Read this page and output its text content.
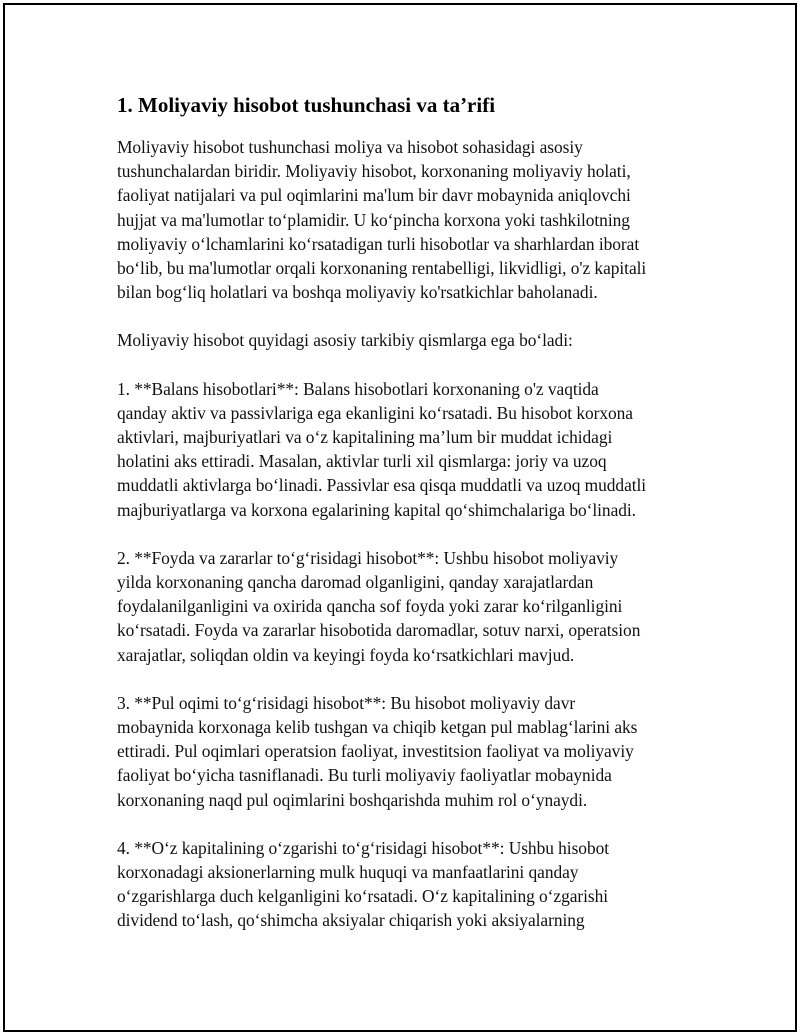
1. Moliyaviy hisobot tushunchasi va ta’rifi

Moliyaviy hisobot tushunchasi moliya va hisobot sohasidagi asosiy
tushunchalardan biridir. Moliyaviy hisobot, korxonaning moliyaviy holati,
faoliyat natijalari va pul oqimlarini ma'lum bir davr mobaynida aniqlovchi
hujjat va ma'lumotlar to‘plamidir. U ko‘pincha korxona yoki tashkilotning
moliyaviy o‘lchamlarini ko‘rsatadigan turli hisobotlar va sharhlardan iborat
bo‘lib, bu ma'lumotlar orqali korxonaning rentabelligi, likvidligi, o'z kapitali
bilan bog‘liq holatlari va boshqa moliyaviy ko'rsatkichlar baholanadi.

Moliyaviy hisobot quyidagi asosiy tarkibiy qismlarga ega bo‘ladi:

1. **Balans hisobotlari**: Balans hisobotlari korxonaning o'z vaqtida
qanday aktiv va passivlariga ega ekanligini ko‘rsatadi. Bu hisobot korxona
aktivlari, majburiyatlari va o‘z kapitalining ma’lum bir muddat ichidagi
holatini aks ettiradi. Masalan, aktivlar turli xil qismlarga: joriy va uzoq
muddatli aktivlarga bo‘linadi. Passivlar esa qisqa muddatli va uzoq muddatli
majburiyatlarga va korxona egalarining kapital qo‘shimchalariga bo‘linadi.

2. **Foyda va zararlar to‘g‘risidagi hisobot**: Ushbu hisobot moliyaviy
yilda korxonaning qancha daromad olganligini, qanday xarajatlardan
foydalanilganligini va oxirida qancha sof foyda yoki zarar ko‘rilganligini
ko‘rsatadi. Foyda va zararlar hisobotida daromadlar, sotuv narxi, operatsion
xarajatlar, soliqdan oldin va keyingi foyda ko‘rsatkichlari mavjud.

3. **Pul oqimi to‘g‘risidagi hisobot**: Bu hisobot moliyaviy davr
mobaynida korxonaga kelib tushgan va chiqib ketgan pul mablag‘larini aks
ettiradi. Pul oqimlari operatsion faoliyat, investitsion faoliyat va moliyaviy
faoliyat bo‘yicha tasniflanadi. Bu turli moliyaviy faoliyatlar mobaynida
korxonaning naqd pul oqimlarini boshqarishda muhim rol o‘ynaydi.

4. **O‘z kapitalining o‘zgarishi to‘g‘risidagi hisobot**: Ushbu hisobot
korxonadagi aksionerlarning mulk huquqi va manfaatlarini qanday
o‘zgarishlarga duch kelganligini ko‘rsatadi. O‘z kapitalining o‘zgarishi
dividend to‘lash, qo‘shimcha aksiyalar chiqarish yoki aksiyalarning
